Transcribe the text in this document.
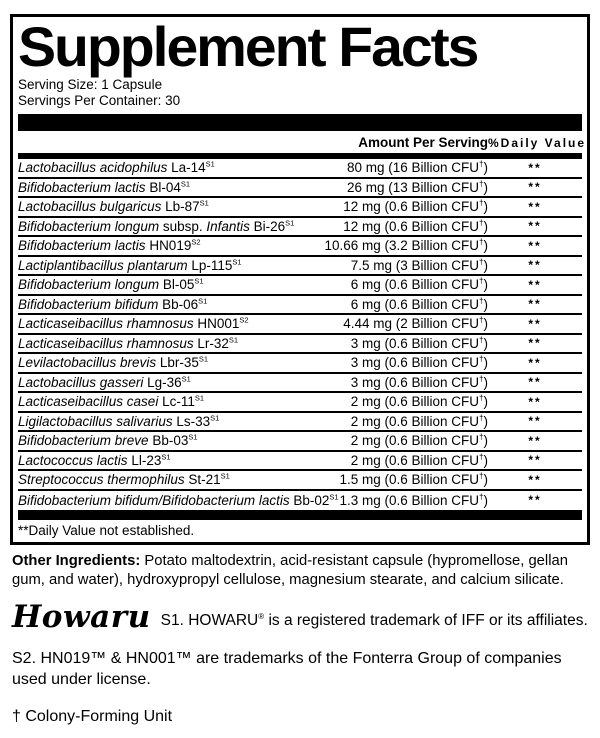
Supplement Facts
Serving Size: 1 Capsule
Servings Per Container: 30
Amount Per Serving %Daily Value
Lactobacillus acidophilus $La-14^{S1}$	80 mg (16 Billion CFU†)	**
Bifidobacterium lactis $Bl-04^{S1}$	26 mg (13 Billion CFU†)	**
Lactobacillus bulgaricus $Lb-87^{S1}$	12 mg (0.6 Billion CFU†)	**
Bifidobacterium longum subsp. Infantis $Bi-26^{S1}$	12 mg (0.6 Billion CFU†)	**
Bifidobacterium lactis $HN019^{S2}$	10.66 mg (3.2 Billion CFU†)	**
Lactiplantibacillus plantarum $Lp-115^{S1}$	7.5 mg (3 Billion CFU†)	**
Bifidobacterium longum $Bl-05^{S1}$	6 mg (0.6 Billion CFU†)	**
Bifidobacterium bifidum $Bb-06^{S1}$	6 mg (0.6 Billion CFU†)	**
Lacticaseibacillus rhamnosus $HN001^{S2}$	4.44 mg (2 Billion CFU†)	**
Lacticaseibacillus rhamnosus $Lr-32^{S1}$	3 mg (0.6 Billion CFU†)	**
Levilactobacillus brevis Lbr-$35^{S1}$	3 mg (0.6 Billion CFU†)	**
Lactobacillus gasseri $Lg-36^{S1}$	3 mg (0.6 Billion CFU†)	**
Lacticaseibacillus casei $Lc-11^{S1}$	2 mg (0.6 Billion CFU†)	**
Ligilactobacillus salivarius $Ls-33^{S1}$	2 mg (0.6 Billion CFU†)	**
Bifidobacterium breve $Bb-03^{S1}$	2 mg (0.6 Billion CFU†)	**
Lactococcus lactis $Ll-23^{S1}$	2 mg (0.6 Billion CFU†)	**
Streptococcus thermophilus $St-21^{S1}$	1.5 mg (0.6 Billion CFU†)	**
Bifidobacterium bifidum/Bifidobacterium lactis $Bb-02^{S1}$ 1.3 mg (0.6 Billion CFU†)	**
**Daily Value not established.
Other Ingredients: Potato maltodextrin, acid-resistant capsule (hypromellose, gellan gum, and water), hydroxypropyl cellulose, magnesium stearate, and calcium silicate.
Howaru S1. HOWARU® is a registered trademark of IFF or its affiliates.
S2. HN019™ & HN001™ are trademarks of the Fonterra Group of companies used under license.
† Colony-Forming Unit
